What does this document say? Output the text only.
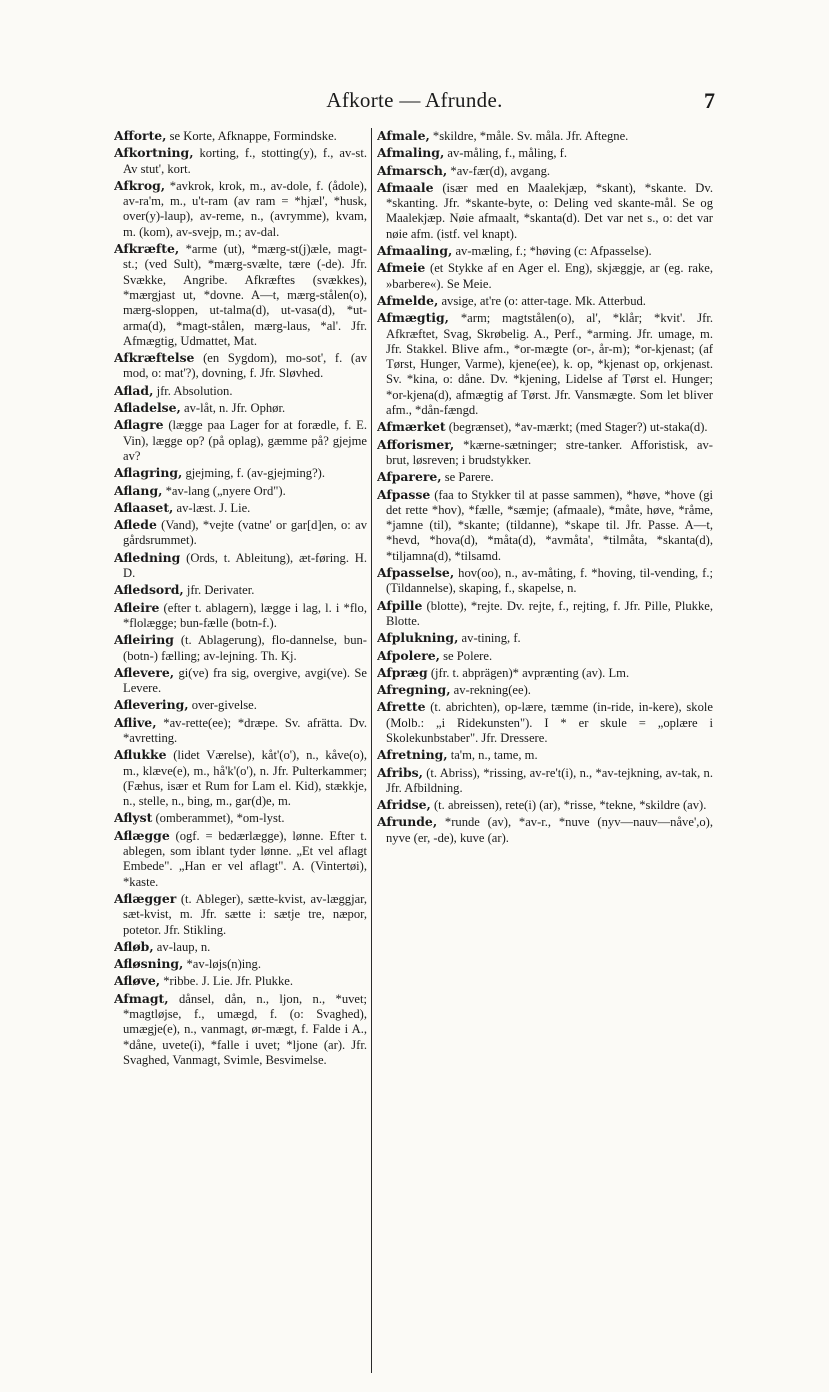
Afkorte — Afrunde.	7

Afforte, se Korte, Afknappe, Formindske.

Afkortning, korting, f., stotting(y), f., av-st. Av stut', kort.

Afkrog, *avkrok, krok, m., av-dole, f. (ådole), av-ra'm, m., u't-ram (av ram = *hjæl', *husk, over(y)-laup), av-reme, n., (avrymme), kvam, m. (kom), av-svejp, m.; av-dal.

Afkræfte, *arme (ut), *mærg-st(j)æle, magt-st.; (ved Sult), *mærg-svælte, tære (-de). Jfr. Svække, Angribe. Afkræftes (svækkes), *mærgjast ut, *dovne. A—t, mærg-stålen(o), mærg-sloppen, ut-talma(d), ut-vasa(d), *ut-arma(d), *magt-stålen, mærg-laus, *al'. Jfr. Afmægtig, Udmattet, Mat.

Afkræftelse (en Sygdom), mo-sot', f. (av mod, o: mat'?), dovning, f. Jfr. Sløvhed.

Aflad, jfr. Absolution.

Afladelse, av-låt, n. Jfr. Ophør.

Aflagre (lægge paa Lager for at forædle, f. E. Vin), lægge op? (på oplag), gæmme på? gjejme av?

Aflagring, gjejming, f. (av-gjejming?).

Aflang, *av-lang („nyere Ord").

Aflaaset, av-læst. J. Lie.

Aflede (Vand), *vejte (vatne' or gar[d]en, o: av gårdsrummet).

Afledning (Ords, t. Ableitung), æt-føring. H. D.

Afledsord, jfr. Derivater.

Afleire (efter t. ablagern), lægge i lag, l. i *flo, *flolægge; bun-fælle (botn-f.).

Afleiring (t. Ablagerung), flo-dannelse, bun-(botn-) fælling; av-lejning. Th. Kj.

Aflevere, gi(ve) fra sig, overgive, avgi(ve). Se Levere.

Aflevering, over-givelse.

Aflive, *av-rette(ee); *dræpe. Sv. afrätta. Dv. *avretting.

Aflukke (lidet Værelse), kåt'(o'), n., kåve(o), m., klæve(e), m., hå'k'(o'), n. Jfr. Pulterkammer; (Fæhus, især et Rum for Lam el. Kid), stækkje, n., stelle, n., bing, m., gar(d)e, m.

Aflyst (omberammet), *om-lyst.

Aflægge (ogf. = bedærlægge), lønne. Efter t. ablegen, som iblant tyder lønne. „Et vel aflagt Embede". „Han er vel aflagt". A. (Vintertøi), *kaste.

Aflægger (t. Ableger), sætte-kvist, av-læggjar, sæt-kvist, m. Jfr. sætte i: sætje tre, næpor, potetor. Jfr. Stikling.

Afløb, av-laup, n.

Afløsning, *av-løjs(n)ing.

Afløve, *ribbe. J. Lie. Jfr. Plukke.

Afmagt, dånsel, dån, n., ljon, n., *uvet; *magtløjse, f., umægd, f. (o: Svaghed), umægje(e), n., vanmagt, ør-mægt, f. Falde i A., *dåne, uvete(i), *falle i uvet; *ljone (ar). Jfr. Svaghed, Vanmagt, Svimle, Besvimelse.

Afmale, *skildre, *måle. Sv. måla. Jfr. Aftegne.

Afmaling, av-måling, f., måling, f.

Afmarsch, *av-fær(d), avgang.

Afmaale (især med en Maalekjæp, *skant), *skante. Dv. *skanting. Jfr. *skante-byte, o: Deling ved skante-mål. Se og Maalekjæp. Nøie afmaalt, *skanta(d). Det var net s., o: det var nøie afm. (istf. vel knapt).

Afmaaling, av-mæling, f.; *høving (c: Afpasselse).

Afmeie (et Stykke af en Ager el. Eng), skjæggje, ar (eg. rake, »barbere«). Se Meie.

Afmelde, avsige, at're (o: atter-tage. Mk. Atterbud.

Afmægtig, *arm; magtstålen(o), al', *klår; *kvit'. Jfr. Afkræftet, Svag, Skrøbelig. A., Perf., *arming. Jfr. umage, m. Jfr. Stakkel. Blive afm., *or-mægte (or-, år-m); *or-kjenast; (af Tørst, Hunger, Varme), kjene(ee), k. op, *kjenast op, orkjenast. Sv. *kina, o: dåne. Dv. *kjening, Lidelse af Tørst el. Hunger; *or-kjena(d), afmægtig af Tørst. Jfr. Vansmægte. Som let bliver afm., *dån-fængd.

Afmærket (begrænset), *av-mærkt; (med Stager?) ut-staka(d).

Afforismer, *kærne-sætninger; stre-tanker. Afforistisk, av-brut, løsreven; i brudstykker.

Afparere, se Parere.

Afpasse (faa to Stykker til at passe sammen), *høve, *hove (gi det rette *hov), *fælle, *sæmje; (afmaale), *måte, høve, *råme, *jamne (til), *skante; (tildanne), *skape til. Jfr. Passe. A—t, *hevd, *hova(d), *måta(d), *avmåta', *tilmåta, *skanta(d), *tiljamna(d), *tilsamd.

Afpasselse, hov(oo), n., av-måting, f. *hoving, til-vending, f.; (Tildannelse), skaping, f., skapelse, n.

Afpille (blotte), *rejte. Dv. rejte, f., rejting, f. Jfr. Pille, Plukke, Blotte.

Afplukning, av-tining, f.

Afpolere, se Polere.

Afpræg (jfr. t. abprägen)* avprænting (av). Lm.

Afregning, av-rekning(ee).

Afrette (t. abrichten), op-lære, tæmme (in-ride, in-kere), skole (Molb.: „i Ridekunsten"). I * er skule = „oplære i Skolekunbstaber". Jfr. Dressere.

Afretning, ta'm, n., tame, m.

Afribs, (t. Abriss), *rissing, av-re't(i), n., *av-tejkning, av-tak, n. Jfr. Afbildning.

Afridse, (t. abreissen), rete(i) (ar), *risse, *tekne, *skildre (av).

Afrunde, *runde (av), *av-r., *nuve (nyv—nauv—nåve',o), nyve (er, -de), kuve (ar).
